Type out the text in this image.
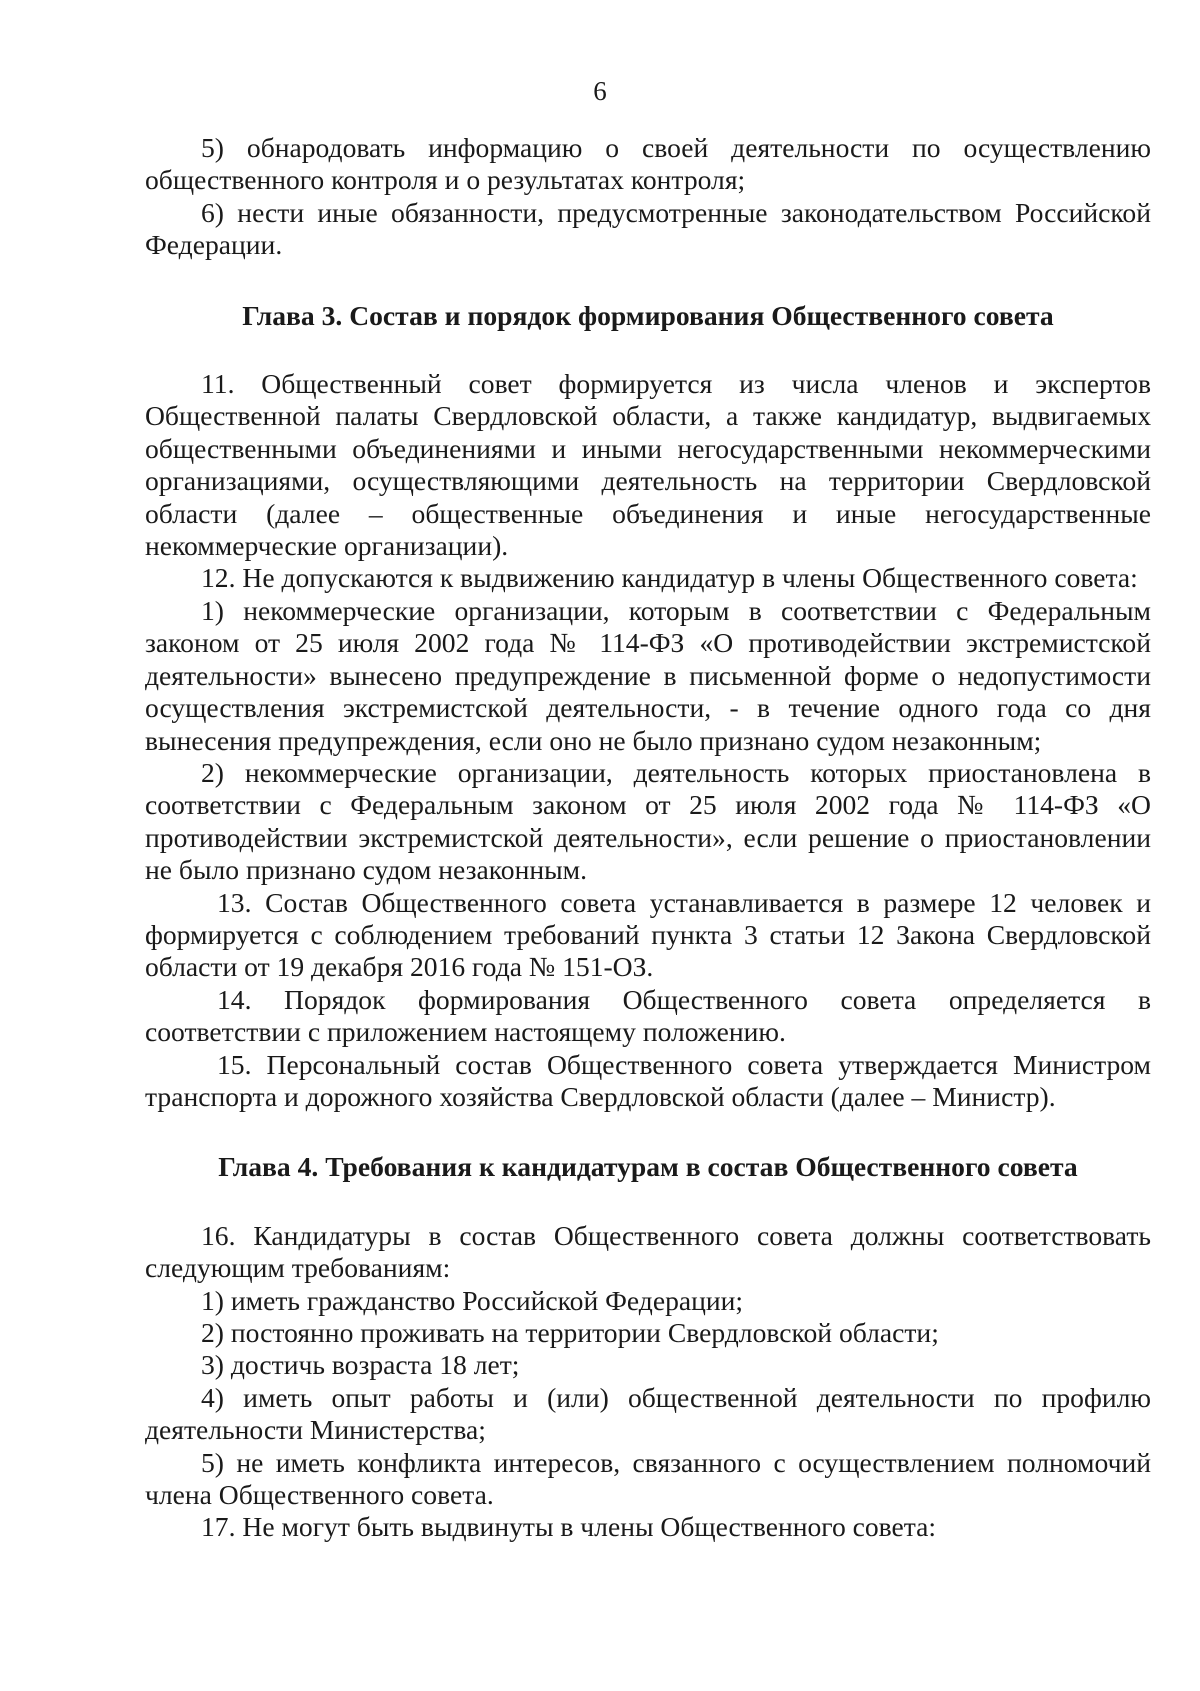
6

5) обнародовать информацию о своей деятельности по осуществлению общественного контроля и о результатах контроля;

6) нести иные обязанности, предусмотренные законодательством Российской Федерации.

Глава 3. Состав и порядок формирования Общественного совета

11. Общественный совет формируется из числа членов и экспертов Общественной палаты Свердловской области, а также кандидатур, выдвигаемых общественными объединениями и иными негосударственными некоммерческими организациями, осуществляющими деятельность на территории Свердловской области (далее – общественные объединения и иные негосударственные некоммерческие организации).

12. Не допускаются к выдвижению кандидатур в члены Общественного совета:

1) некоммерческие организации, которым в соответствии с Федеральным законом от 25 июля 2002 года № 114-ФЗ «О противодействии экстремистской деятельности» вынесено предупреждение в письменной форме о недопустимости осуществления экстремистской деятельности, - в течение одного года со дня вынесения предупреждения, если оно не было признано судом незаконным;

2) некоммерческие организации, деятельность которых приостановлена в соответствии с Федеральным законом от 25 июля 2002 года № 114-ФЗ «О противодействии экстремистской деятельности», если решение о приостановлении не было признано судом незаконным.

13. Состав Общественного совета устанавливается в размере 12 человек и формируется с соблюдением требований пункта 3 статьи 12 Закона Свердловской области от 19 декабря 2016 года № 151-ОЗ.

14. Порядок формирования Общественного совета определяется в соответствии с приложением настоящему положению.

15. Персональный состав Общественного совета утверждается Министром транспорта и дорожного хозяйства Свердловской области (далее – Министр).

Глава 4. Требования к кандидатурам в состав Общественного совета

16. Кандидатуры в состав Общественного совета должны соответствовать следующим требованиям:

1) иметь гражданство Российской Федерации;

2) постоянно проживать на территории Свердловской области;

3) достичь возраста 18 лет;

4) иметь опыт работы и (или) общественной деятельности по профилю деятельности Министерства;

5) не иметь конфликта интересов, связанного с осуществлением полномочий члена Общественного совета.

17. Не могут быть выдвинуты в члены Общественного совета:
